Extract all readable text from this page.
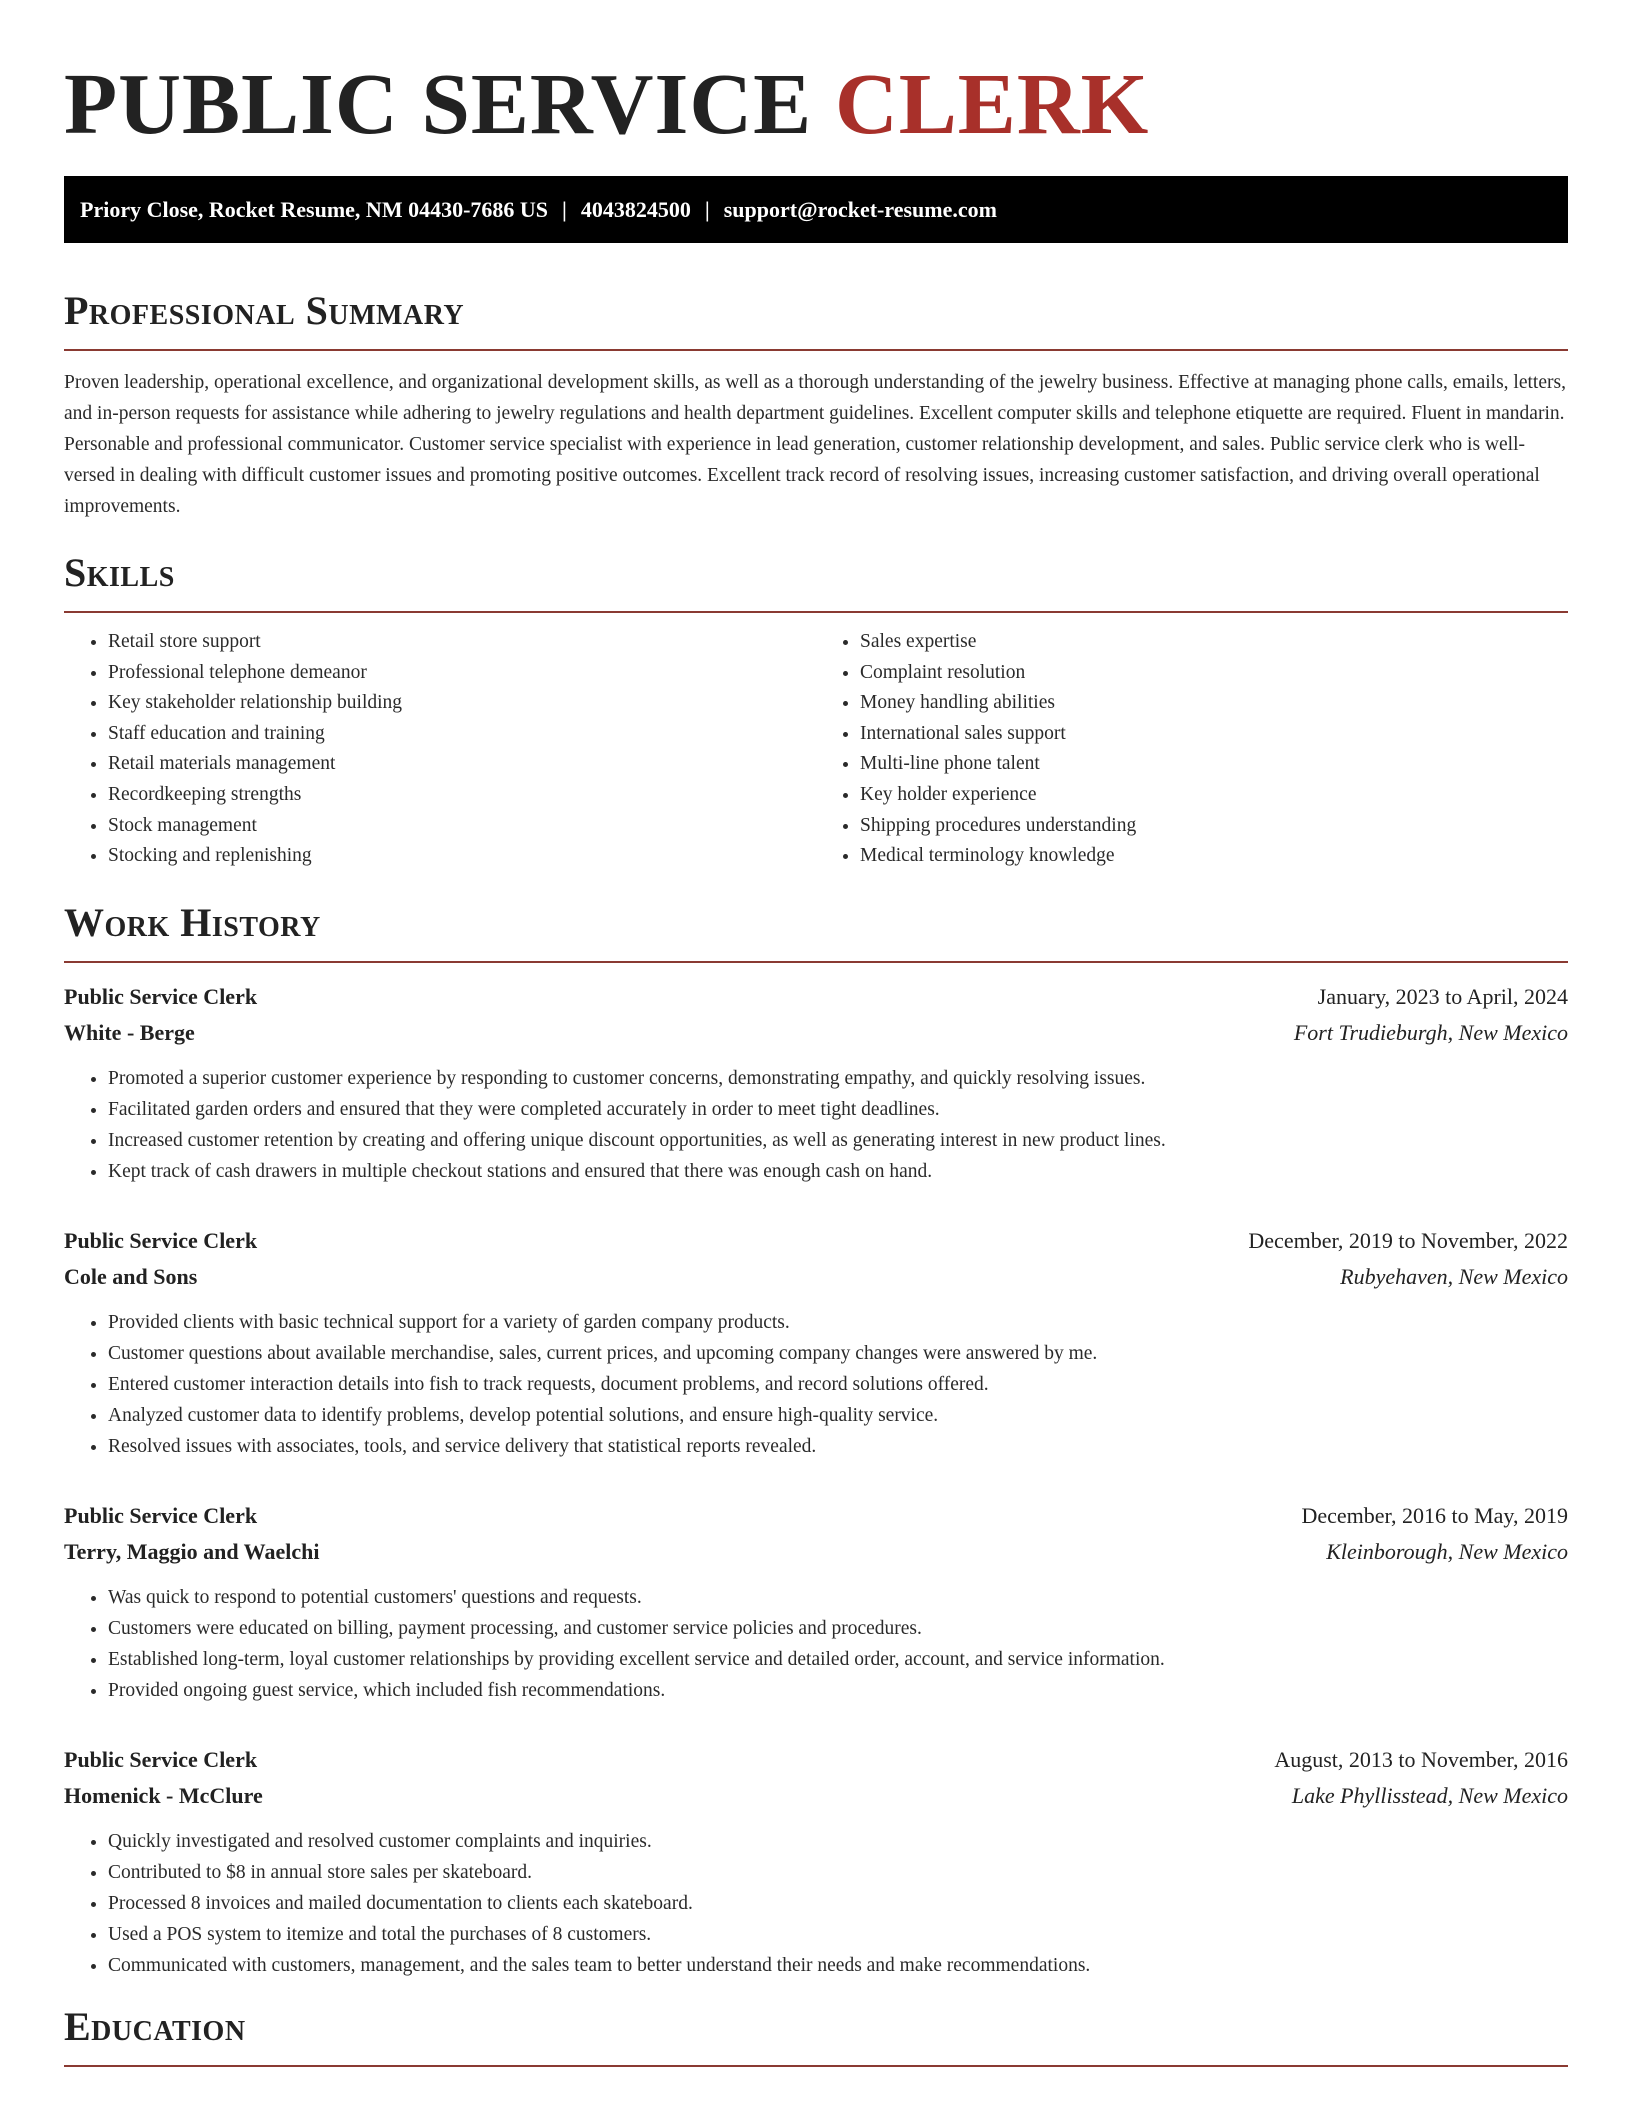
PUBLIC SERVICE CLERK
Priory Close, Rocket Resume, NM 04430-7686 US | 4043824500 | support@rocket-resume.com
Professional Summary

Proven leadership, operational excellence, and organizational development skills, as well as a thorough understanding of the jewelry business. Effective at managing phone calls, emails, letters, and in-person requests for assistance while adhering to jewelry regulations and health department guidelines. Excellent computer skills and telephone etiquette are required. Fluent in mandarin. Personable and professional communicator. Customer service specialist with experience in lead generation, customer relationship development, and sales. Public service clerk who is well-versed in dealing with difficult customer issues and promoting positive outcomes. Excellent track record of resolving issues, increasing customer satisfaction, and driving overall operational improvements.

Skills
• Retail store support
• Professional telephone demeanor
• Key stakeholder relationship building
• Staff education and training
• Retail materials management
• Recordkeeping strengths
• Stock management
• Stocking and replenishing
• Sales expertise
• Complaint resolution
• Money handling abilities
• International sales support
• Multi-line phone talent
• Key holder experience
• Shipping procedures understanding
• Medical terminology knowledge
Work History
Public Service Clerk	January, 2023 to April, 2024
White - Berge	Fort Trudieburgh, New Mexico
• Promoted a superior customer experience by responding to customer concerns, demonstrating empathy, and quickly resolving issues.
• Facilitated garden orders and ensured that they were completed accurately in order to meet tight deadlines.
• Increased customer retention by creating and offering unique discount opportunities, as well as generating interest in new product lines.
• Kept track of cash drawers in multiple checkout stations and ensured that there was enough cash on hand.
Public Service Clerk	December, 2019 to November, 2022
Cole and Sons	Rubyehaven, New Mexico
• Provided clients with basic technical support for a variety of garden company products.
• Customer questions about available merchandise, sales, current prices, and upcoming company changes were answered by me.
• Entered customer interaction details into fish to track requests, document problems, and record solutions offered.
• Analyzed customer data to identify problems, develop potential solutions, and ensure high-quality service.
• Resolved issues with associates, tools, and service delivery that statistical reports revealed.
Public Service Clerk	December, 2016 to May, 2019
Terry, Maggio and Waelchi	Kleinborough, New Mexico
• Was quick to respond to potential customers' questions and requests.
• Customers were educated on billing, payment processing, and customer service policies and procedures.
• Established long-term, loyal customer relationships by providing excellent service and detailed order, account, and service information.
• Provided ongoing guest service, which included fish recommendations.
Public Service Clerk	August, 2013 to November, 2016
Homenick - McClure	Lake Phyllisstead, New Mexico
• Quickly investigated and resolved customer complaints and inquiries.
• Contributed to $8 in annual store sales per skateboard.
• Processed 8 invoices and mailed documentation to clients each skateboard.
• Used a POS system to itemize and total the purchases of 8 customers.
• Communicated with customers, management, and the sales team to better understand their needs and make recommendations.
Education
